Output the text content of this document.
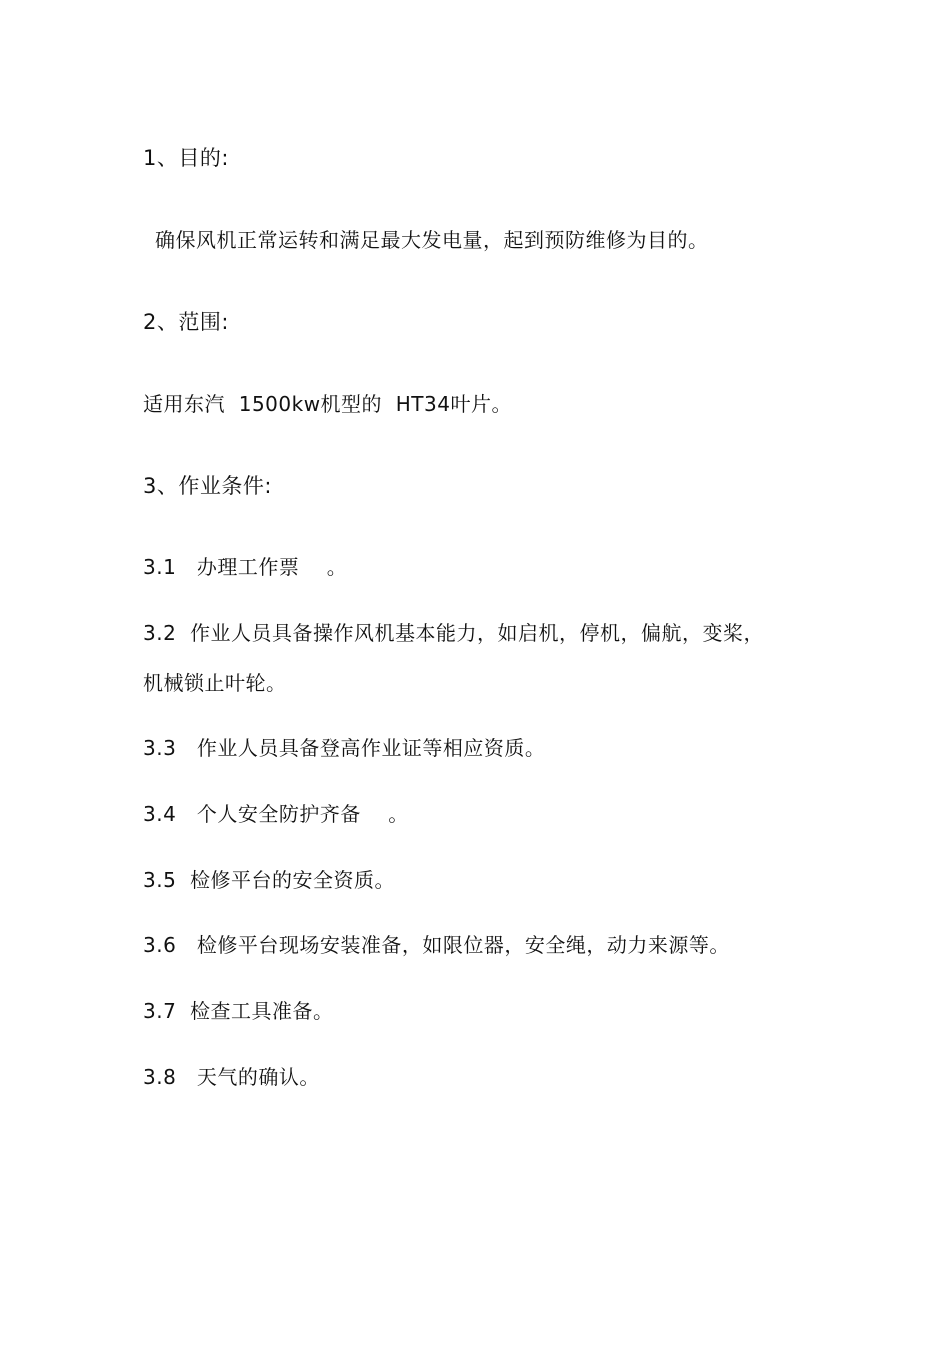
1、目的:
确保风机正常运转和满足最大发电量，起到预防维修为目的。
2、范围:
适用东汽  1500kw机型的  HT34叶片。
3、作业条件:
3.1   办理工作票    。
3.2  作业人员具备操作风机基本能力，如启机，停机，偏航，变桨，
机械锁止叶轮。
3.3   作业人员具备登高作业证等相应资质。
3.4   个人安全防护齐备    。
3.5  检修平台的安全资质。
3.6   检修平台现场安装准备，如限位器，安全绳，动力来源等。
3.7  检查工具准备。
3.8   天气的确认。
